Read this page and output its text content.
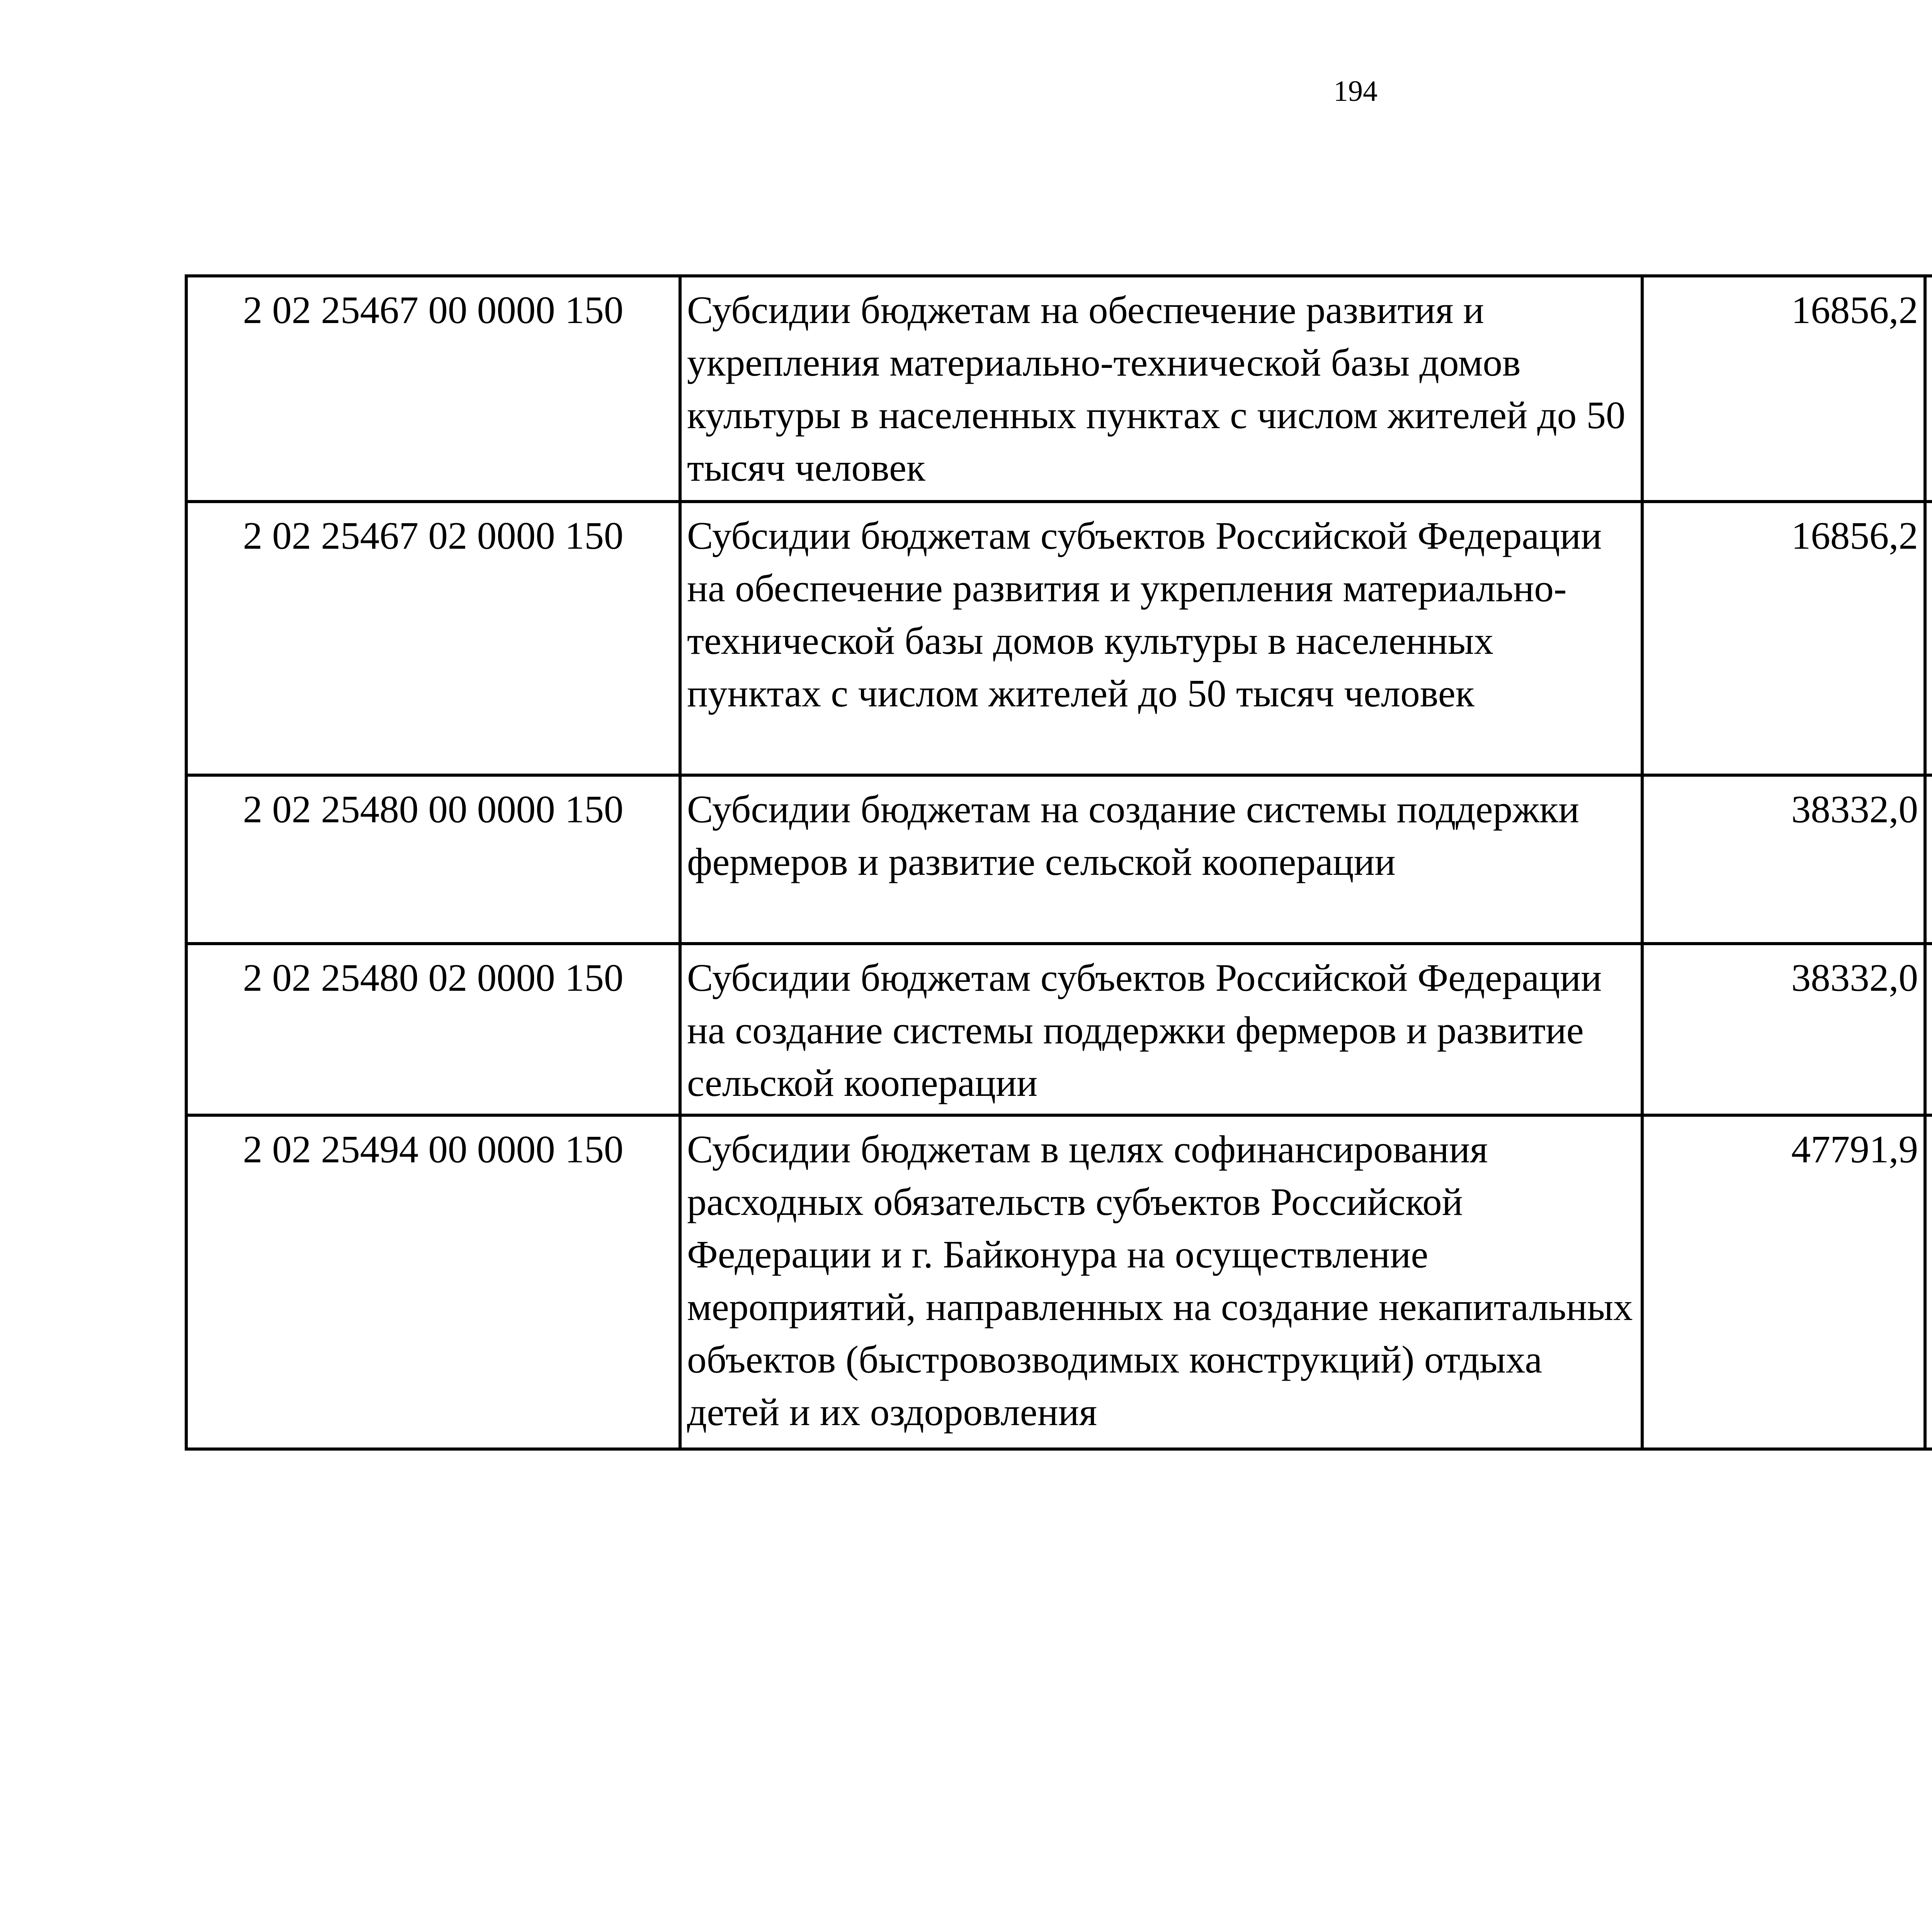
194
2 02 25467 00 0000 150	Субсидии бюджетам на обеспечение развития и укрепления материально-технической базы домов культуры в населенных пунктах с числом жителей до 50 тысяч человек	16856,2		
2 02 25467 02 0000 150	Субсидии бюджетам субъектов Российской Федерации на обеспечение развития и укрепления материально-технической базы домов культуры в населенных пунктах с числом жителей до 50 тысяч человек	16856,2		
2 02 25480 00 0000 150	Субсидии бюджетам на создание системы поддержки фермеров и развитие сельской кооперации	38332,0		
2 02 25480 02 0000 150	Субсидии бюджетам субъектов Российской Федерации на создание системы поддержки фермеров и развитие сельской кооперации	38332,0		
2 02 25494 00 0000 150	Субсидии бюджетам в целях софинансирования расходных обязательств субъектов Российской Федерации и г. Байконура на осуществление мероприятий, направленных на создание некапитальных объектов (быстровозводимых конструкций) отдыха детей и их оздоровления	47791,9		
